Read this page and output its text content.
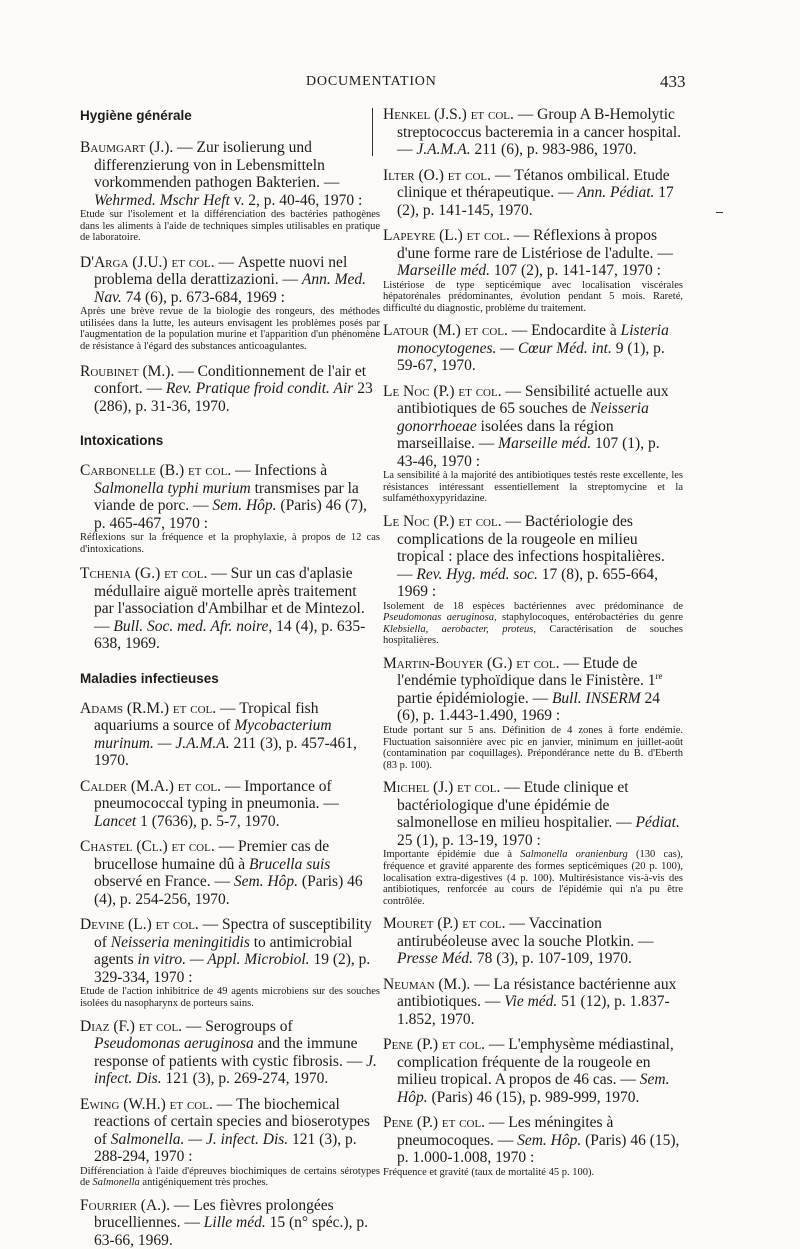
DOCUMENTATION	433
Hygiène générale
Baumgart (J.). — Zur isolierung und differenzierung von in Lebensmitteln vorkommenden pathogen Bakterien. — Wehrmed. Mschr Heft v. 2, p. 40-46, 1970 :

Etude sur l'isolement et la différenciation des bactéries pathogènes dans les aliments à l'aide de techniques simples utilisables en pratique de laboratoire.

D'Arga (J.U.) et col. — Aspette nuovi nel problema della derattizazioni. — Ann. Med. Nav. 74 (6), p. 673-684, 1969 :

Après une brève revue de la biologie des rongeurs, des méthodes utilisées dans la lutte, les auteurs envisagent les problèmes posés par l'augmentation de la population murine et l'apparition d'un phénomène de résistance à l'égard des substances anticoagulantes.

Roubinet (M.). — Conditionnement de l'air et confort. — Rev. Pratique froid condit. Air 23 (286), p. 31-36, 1970.
Intoxications
Carbonelle (B.) et col. — Infections à Salmonella typhi murium transmises par la viande de porc. — Sem. Hôp. (Paris) 46 (7), p. 465-467, 1970 :

Réflexions sur la fréquence et la prophylaxie, à propos de 12 cas d'intoxications.

Tchenia (G.) et col. — Sur un cas d'aplasie médullaire aiguë mortelle après traitement par l'association d'Ambilhar et de Mintezol. — Bull. Soc. med. Afr. noire, 14 (4), p. 635-638, 1969.
Maladies infectieuses
Adams (R.M.) et col. — Tropical fish aquariums a source of Mycobacterium murinum. — J.A.M.A. 211 (3), p. 457-461, 1970.
Calder (M.A.) et col. — Importance of pneumococcal typing in pneumonia. — Lancet 1 (7636), p. 5-7, 1970.
Chastel (Cl.) et col. — Premier cas de brucellose humaine dû à Brucella suis observé en France. — Sem. Hôp. (Paris) 46 (4), p. 254-256, 1970.
Devine (L.) et col. — Spectra of susceptibility of Neisseria meningitidis to antimicrobial agents in vitro. — Appl. Microbiol. 19 (2), p. 329-334, 1970 :

Etude de l'action inhibitrice de 49 agents microbiens sur des souches isolées du nasopharynx de porteurs sains.

Diaz (F.) et col. — Serogroups of Pseudomonas aeruginosa and the immune response of patients with cystic fibrosis. — J. infect. Dis. 121 (3), p. 269-274, 1970.
Ewing (W.H.) et col. — The biochemical reactions of certain species and bioserotypes of Salmonella. — J. infect. Dis. 121 (3), p. 288-294, 1970 :

Différenciation à l'aide d'épreuves biochimiques de certains sérotypes de Salmonella antigéniquement très proches.

Fourrier (A.). — Les fièvres prolongées brucelliennes. — Lille méd. 15 (n° spéc.), p. 63-66, 1969.
Henkel (J.S.) et col. — Group A B-Hemolytic streptococcus bacteremia in a cancer hospital. — J.A.M.A. 211 (6), p. 983-986, 1970.
Ilter (O.) et col. — Tétanos ombilical. Etude clinique et thérapeutique. — Ann. Pédiat. 17 (2), p. 141-145, 1970.
Lapeyre (L.) et col. — Réflexions à propos d'une forme rare de Listériose de l'adulte. — Marseille méd. 107 (2), p. 141-147, 1970 :

Listériose de type septicémique avec localisation viscérales hépatorénales prédominantes, évolution pendant 5 mois. Rareté, difficulté du diagnostic, problème du traitement.

Latour (M.) et col. — Endocardite à Listeria monocytogenes. — Cœur Méd. int. 9 (1), p. 59-67, 1970.
Le Noc (P.) et col. — Sensibilité actuelle aux antibiotiques de 65 souches de Neisseria gonorrhoeae isolées dans la région marseillaise. — Marseille méd. 107 (1), p. 43-46, 1970 :

La sensibilité à la majorité des antibiotiques testés reste excellente, les résistances intéressant essentiellement la streptomycine et la sulfaméthoxypyridazine.

Le Noc (P.) et col. — Bactériologie des complications de la rougeole en milieu tropical : place des infections hospitalières. — Rev. Hyg. méd. soc. 17 (8), p. 655-664, 1969 :

Isolement de 18 espèces bactériennes avec prédominance de Pseudomonas aeruginosa, staphylocoques, entérobactéries du genre Klebsiella, aerobacter, proteus, Caractérisation de souches hospitalières.

Martin-Bouyer (G.) et col. — Etude de l'endémie typhoïdique dans le Finistère. 1re partie épidémiologie. — Bull. INSERM 24 (6), p. 1.443-1.490, 1969 :

Etude portant sur 5 ans. Définition de 4 zones à forte endémie. Fluctuation saisonnière avec pic en janvier, minimum en juillet-août (contamination par coquillages). Prépondérance nette du B. d'Eberth (83 p. 100).

Michel (J.) et col. — Etude clinique et bactériologique d'une épidémie de salmonellose en milieu hospitalier. — Pédiat. 25 (1), p. 13-19, 1970 :

Importante épidémie due à Salmonella oranienburg (130 cas), fréquence et gravité apparente des formes septicémiques (20 p. 100), localisation extra-digestives (4 p. 100). Multirésistance vis-à-vis des antibiotiques, renforcée au cours de l'épidémie qui n'a pu être contrôlée.

Mouret (P.) et col. — Vaccination antirubéoleuse avec la souche Plotkin. — Presse Méd. 78 (3), p. 107-109, 1970.
Neuman (M.). — La résistance bactérienne aux antibiotiques. — Vie méd. 51 (12), p. 1.837-1.852, 1970.
Pene (P.) et col. — L'emphysème médiastinal, complication fréquente de la rougeole en milieu tropical. A propos de 46 cas. — Sem. Hôp. (Paris) 46 (15), p. 989-999, 1970.
Pene (P.) et col. — Les méningites à pneumocoques. — Sem. Hôp. (Paris) 46 (15), p. 1.000-1.008, 1970 :

Fréquence et gravité (taux de mortalité 45 p. 100).
